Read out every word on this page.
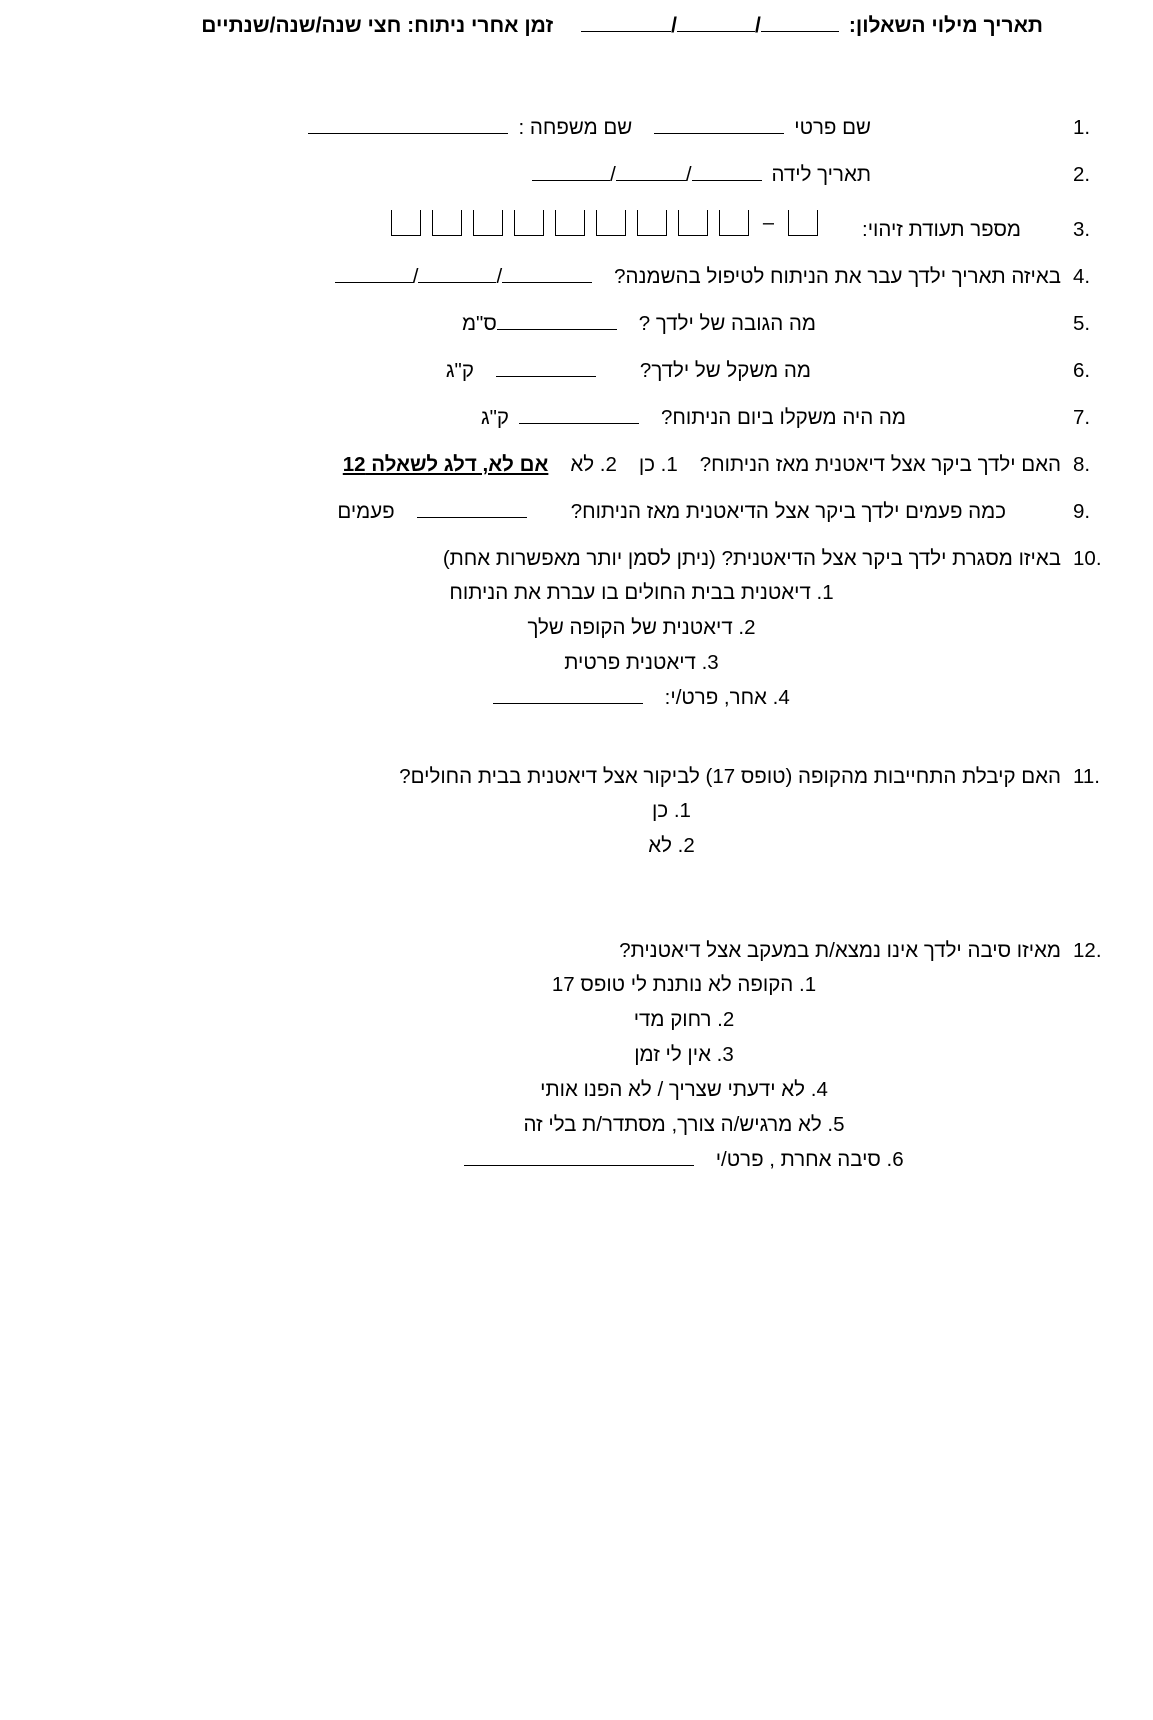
תאריך מילוי השאלון:
/
/
זמן אחרי ניתוח: חצי שנה/שנה/שנתיים
.1
שם פרטי
שם משפחה :
.2
תאריך לידה
/
/
.3
מספר תעודת זיהוי:
–
.4
באיזה תאריך ילדך עבר את הניתוח לטיפול בהשמנה?
/
/
.5
מה הגובה של ילדך ?
ס"מ
.6
מה משקל של ילדך?
ק"ג
.7
מה היה משקלו ביום הניתוח?
ק"ג
.8
האם ילדך ביקר אצל דיאטנית מאז הניתוח?
1. כן
2. לא
אם לא, דלג לשאלה 12
.9
כמה פעמים ילדך ביקר אצל הדיאטנית מאז הניתוח?
פעמים
.10
באיזו מסגרת ילדך ביקר אצל הדיאטנית? (ניתן לסמן יותר מאפשרות אחת)
1. דיאטנית בבית החולים בו עברת את הניתוח
2. דיאטנית של הקופה שלך
3. דיאטנית פרטית
4. אחר, פרט/י:
.11
האם קיבלת התחייבות מהקופה (טופס 17) לביקור אצל דיאטנית בבית החולים?
1. כן
2. לא
.12
מאיזו סיבה ילדך אינו נמצא/ת במעקב אצל דיאטנית?
1. הקופה לא נותנת לי טופס 17
2. רחוק מדי
3. אין לי זמן
4. לא ידעתי שצריך / לא הפנו אותי
5. לא מרגיש/ה צורך, מסתדר/ת בלי זה
6. סיבה אחרת , פרט/י
